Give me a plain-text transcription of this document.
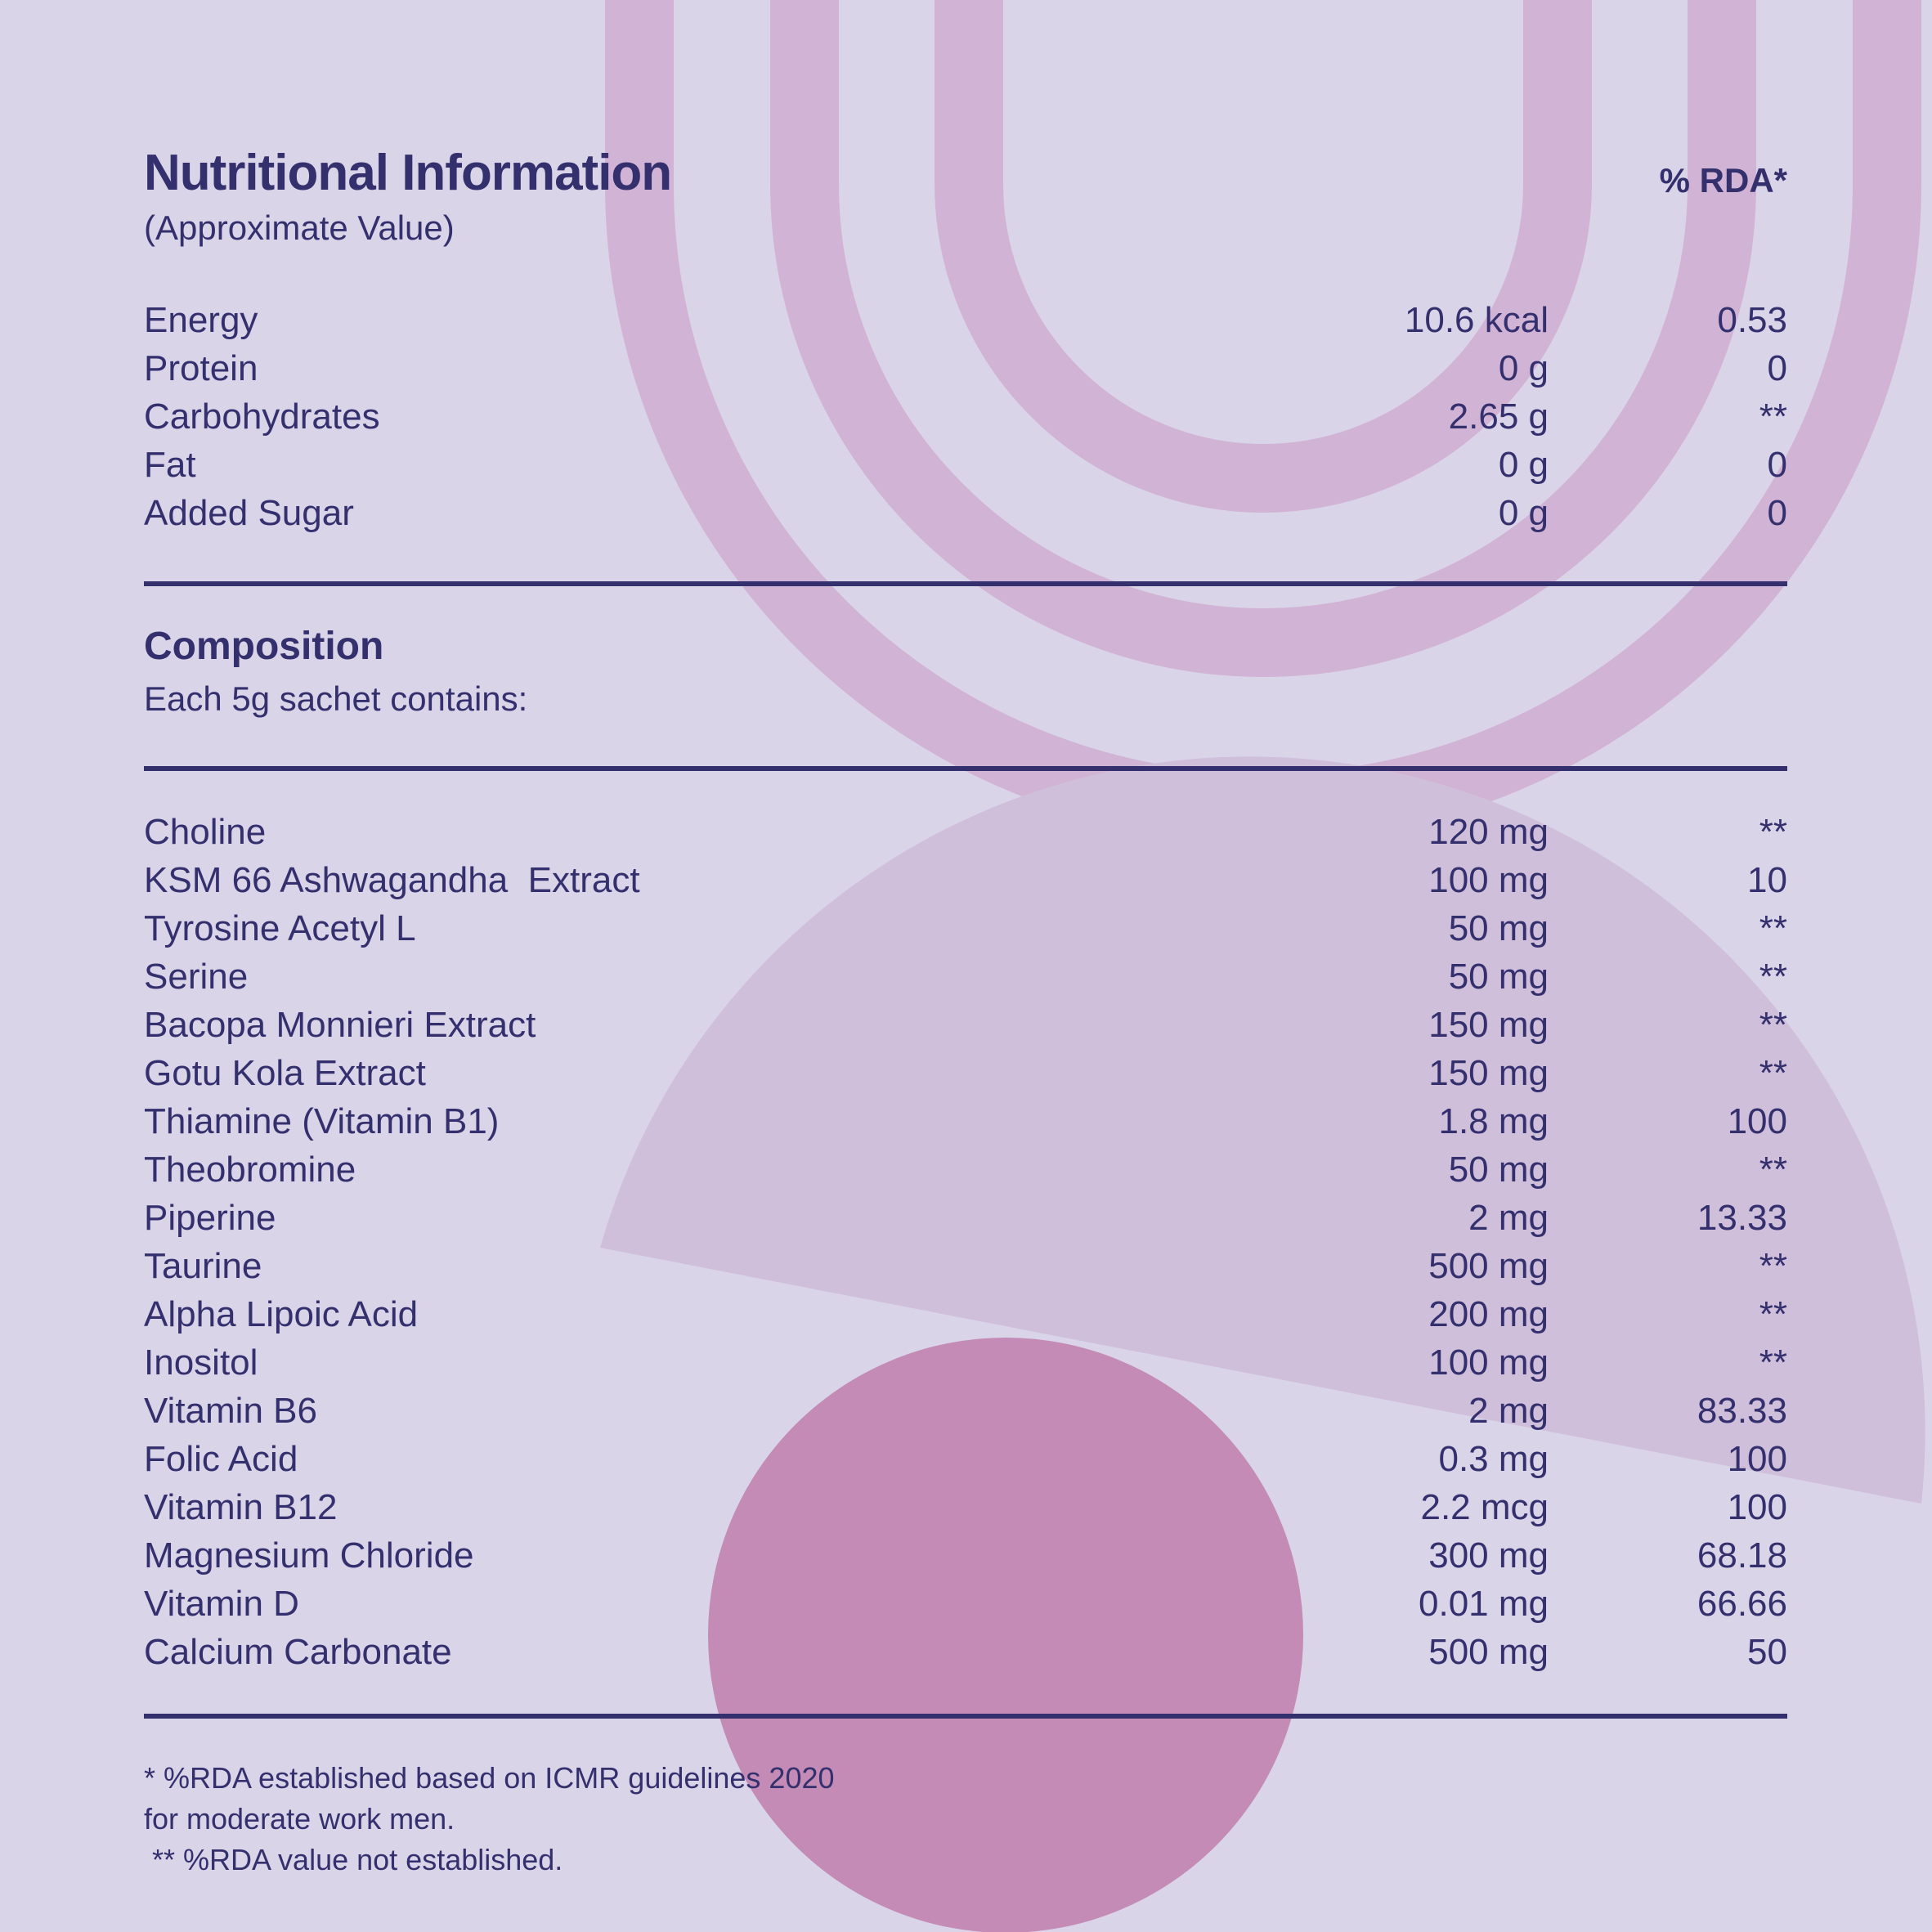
Nutritional Information
(Approximate Value)
% RDA*
Energy	10.6 kcal	0.53
Protein	0 g	0
Carbohydrates	2.65 g	**
Fat	0 g	0
Added Sugar	0 g	0
Composition
Each 5g sachet contains:
Choline	120 mg	**
KSM 66 Ashwagandha  Extract	100 mg	10
Tyrosine Acetyl L	50 mg	**
Serine	50 mg	**
Bacopa Monnieri Extract	150 mg	**
Gotu Kola Extract	150 mg	**
Thiamine (Vitamin B1)	1.8 mg	100
Theobromine	50 mg	**
Piperine	2 mg	13.33
Taurine	500 mg	**
Alpha Lipoic Acid	200 mg	**
Inositol	100 mg	**
Vitamin B6	2 mg	83.33
Folic Acid	0.3 mg	100
Vitamin B12	2.2 mcg	100
Magnesium Chloride	300 mg	68.18
Vitamin D	0.01 mg	66.66
Calcium Carbonate	500 mg	50
* %RDA established based on ICMR guidelines 2020
for moderate work men.
** %RDA value not established.
